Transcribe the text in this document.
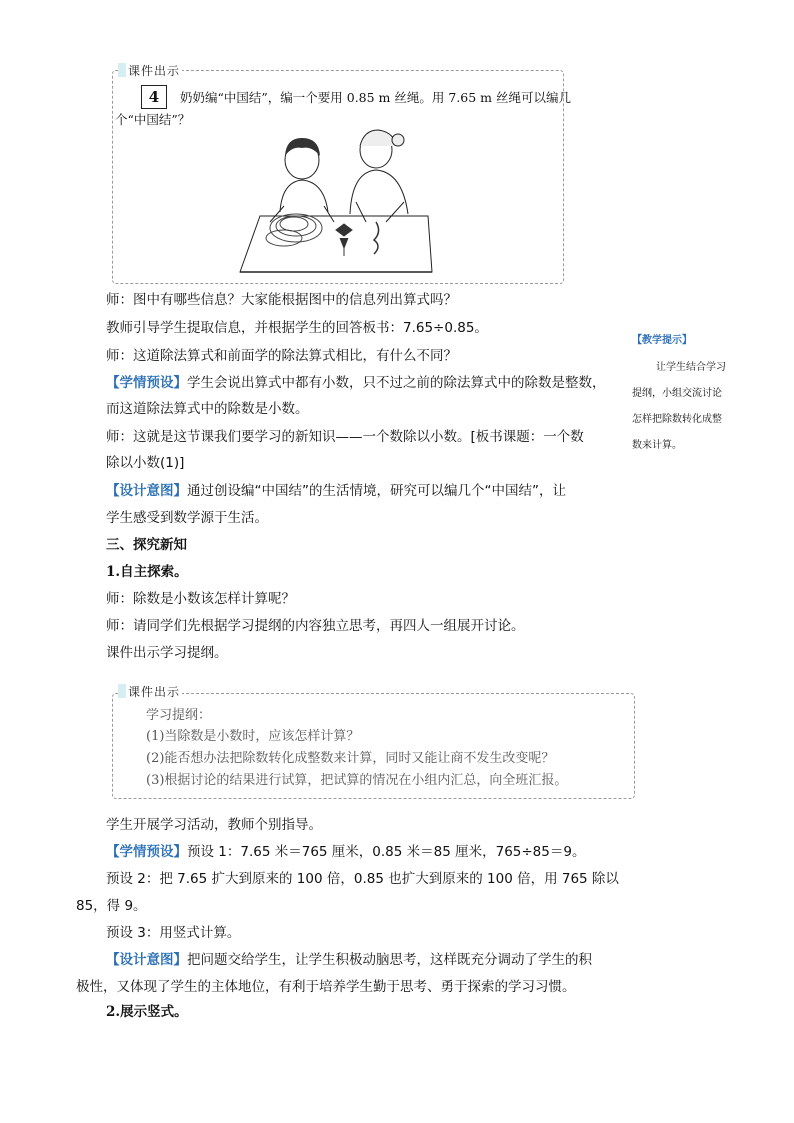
课件出示
4	奶奶编“中国结”，编一个要用 0.85 m 丝绳。用 7.65 m 丝绳可以编几
个“中国结”？
师：图中有哪些信息？大家能根据图中的信息列出算式吗？
教师引导学生提取信息，并根据学生的回答板书：7.65÷0.85。
师：这道除法算式和前面学的除法算式相比，有什么不同？
【学情预设】学生会说出算式中都有小数，只不过之前的除法算式中的除数是整数，
而这道除法算式中的除数是小数。
师：这就是这节课我们要学习的新知识——一个数除以小数。[板书课题：一个数
除以小数(1)]
【设计意图】通过创设编“中国结”的生活情境，研究可以编几个“中国结”，让
学生感受到数学源于生活。
三、探究新知
1.自主探索。
师：除数是小数该怎样计算呢？
师：请同学们先根据学习提纲的内容独立思考，再四人一组展开讨论。
课件出示学习提纲。
课件出示
学习提纲：
(1)当除数是小数时，应该怎样计算？
(2)能否想办法把除数转化成整数来计算，同时又能让商不发生改变呢？
(3)根据讨论的结果进行试算，把试算的情况在小组内汇总，向全班汇报。
学生开展学习活动，教师个别指导。
【学情预设】预设 1：7.65 米＝765 厘米，0.85 米＝85 厘米，765÷85＝9。
预设 2：把 7.65 扩大到原来的 100 倍，0.85 也扩大到原来的 100 倍，用 765 除以
85，得 9。
预设 3：用竖式计算。
【设计意图】把问题交给学生，让学生积极动脑思考，这样既充分调动了学生的积
极性，又体现了学生的主体地位，有利于培养学生勤于思考、勇于探索的学习习惯。
2.展示竖式。
【教学提示】
让学生结合学习
提纲，小组交流讨论
怎样把除数转化成整
数来计算。
